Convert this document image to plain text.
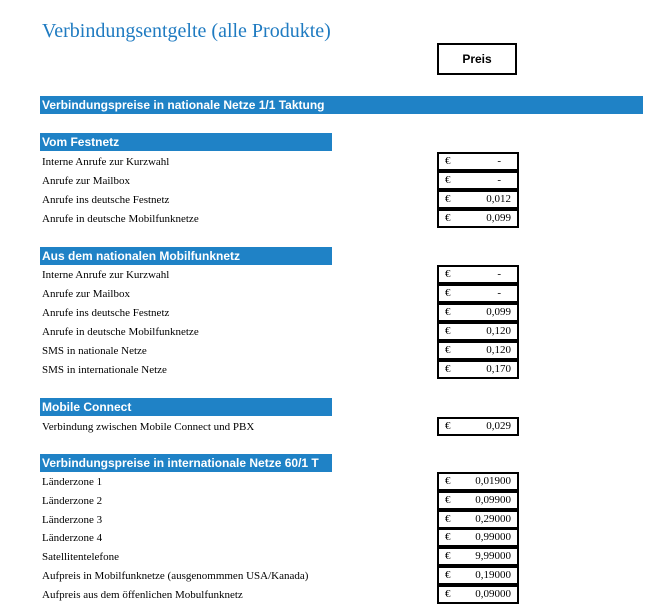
Verbindungsentgelte (alle Produkte)
Preis
Verbindungspreise in nationale Netze 1/1 Taktung
Vom Festnetz
Interne Anrufe zur Kurzwahl	€	-
Anrufe zur Mailbox	€	-
Anrufe ins deutsche Festnetz	€	0,012
Anrufe in deutsche Mobilfunknetze	€	0,099
Aus dem nationalen Mobilfunknetz
Interne Anrufe zur Kurzwahl	€	-
Anrufe zur Mailbox	€	-
Anrufe ins deutsche Festnetz	€	0,099
Anrufe in deutsche Mobilfunknetze	€	0,120
SMS in nationale Netze	€	0,120
SMS in internationale Netze	€	0,170
Mobile Connect
Verbindung zwischen Mobile Connect und PBX	€	0,029
Verbindungspreise in internationale Netze 60/1 T
Länderzone 1	€ 0,01900
Länderzone 2	€ 0,09900
Länderzone 3	€ 0,29000
Länderzone 4	€ 0,99000
Satellitentelefone	€ 9,99000
Aufpreis in Mobilfunknetze (ausgenommmen USA/Kanada)	€ 0,19000
Aufpreis aus dem öffenlichen Mobulfunknetz	€ 0,09000
